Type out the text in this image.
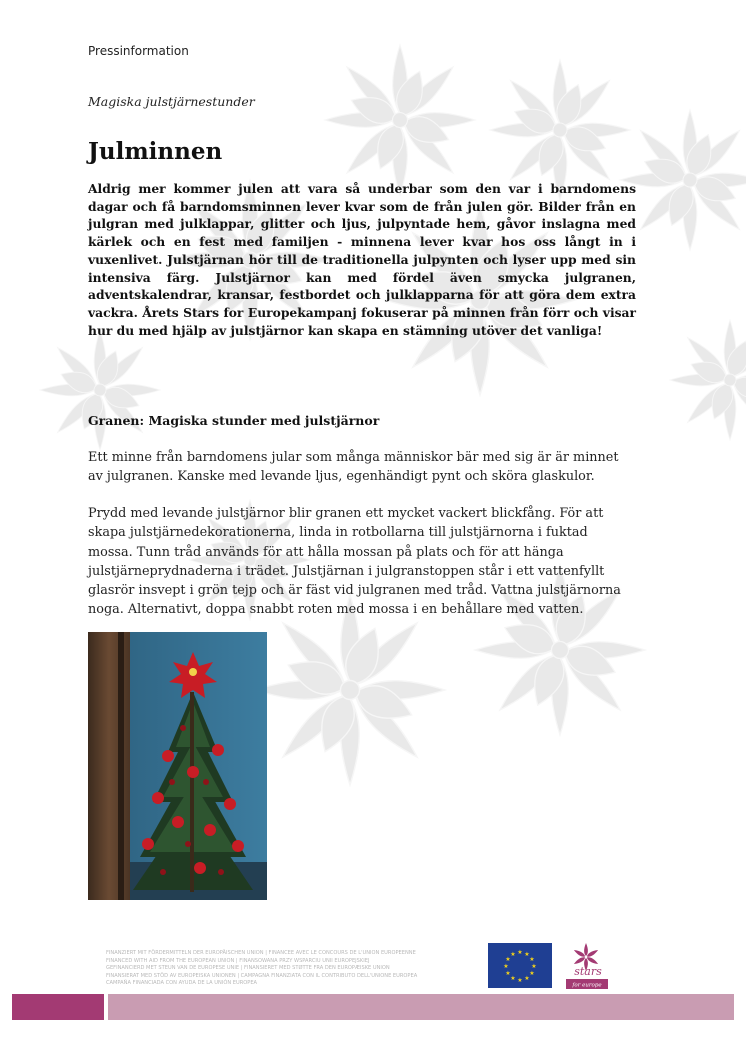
Pressinformation
Magiska julstjärnestunder
Julminnen

Aldrig mer kommer julen att vara så underbar som den var i barndomens dagar och få barndomsminnen lever kvar som de från julen gör. Bilder från en julgran med julklappar, glitter och ljus, julpyntade hem, gåvor inslagna med kärlek och en fest med familjen - minnena lever kvar hos oss långt in i vuxenlivet. Julstjärnan hör till de traditionella julpynten och lyser upp med sin intensiva färg. Julstjärnor kan med fördel även smycka julgranen, adventskalendrar, kransar, festbordet och julklapparna för att göra dem extra vackra. Årets Stars for Europekampanj fokuserar på minnen från förr och visar hur du med hjälp av julstjärnor kan skapa en stämning utöver det vanliga!

Granen: Magiska stunder med julstjärnor

Ett minne från barndomens jular som många människor bär med sig är är minnet av julgranen. Kanske med levande ljus, egenhändigt pynt och sköra glaskulor.

Prydd med levande julstjärnor blir granen ett mycket vackert blickfång. För att skapa julstjärnedekorationerna, linda in rotbollarna till julstjärnorna i fuktad mossa. Tunn tråd används för att hålla mossan på plats och för att hänga julstjärneprydnaderna i trädet. Julstjärnan i julgranstoppen står i ett vattenfyllt glasrör insvept i grön tejp och är fäst vid julgranen med tråd. Vattna julstjärnorna noga. Alternativt, doppa snabbt roten med mossa i en behållare med vatten.

FINANZIERT MIT FÖRDERMITTELN DER EUROPÄISCHEN UNION | FINANCEE AVEC LE CONCOURS DE L'UNION EUROPEENNE
FINANCED WITH AID FROM THE EUROPEAN UNION | FINANSOWANA PRZY WSPARCIU UNII EUROPEJSKIEJ
GEFINANCIERD MET STEUN VAN DE EUROPESE UNIE | FINANSIERET MED STØTTE FRA DEN EUROPÆISKE UNION
FINANSIERAT MED STÖD AV EUROPEISKA UNIONEN | CAMPAGNA FINANZIATA CON IL CONTRIBUTO DELL'UNIONE EUROPEA
CAMPAÑA FINANCIADA CON AYUDA DE LA UNIÓN EUROPEA
★ ★
★
★
★
★
★
★
★
★
★
★
stars
for europe
